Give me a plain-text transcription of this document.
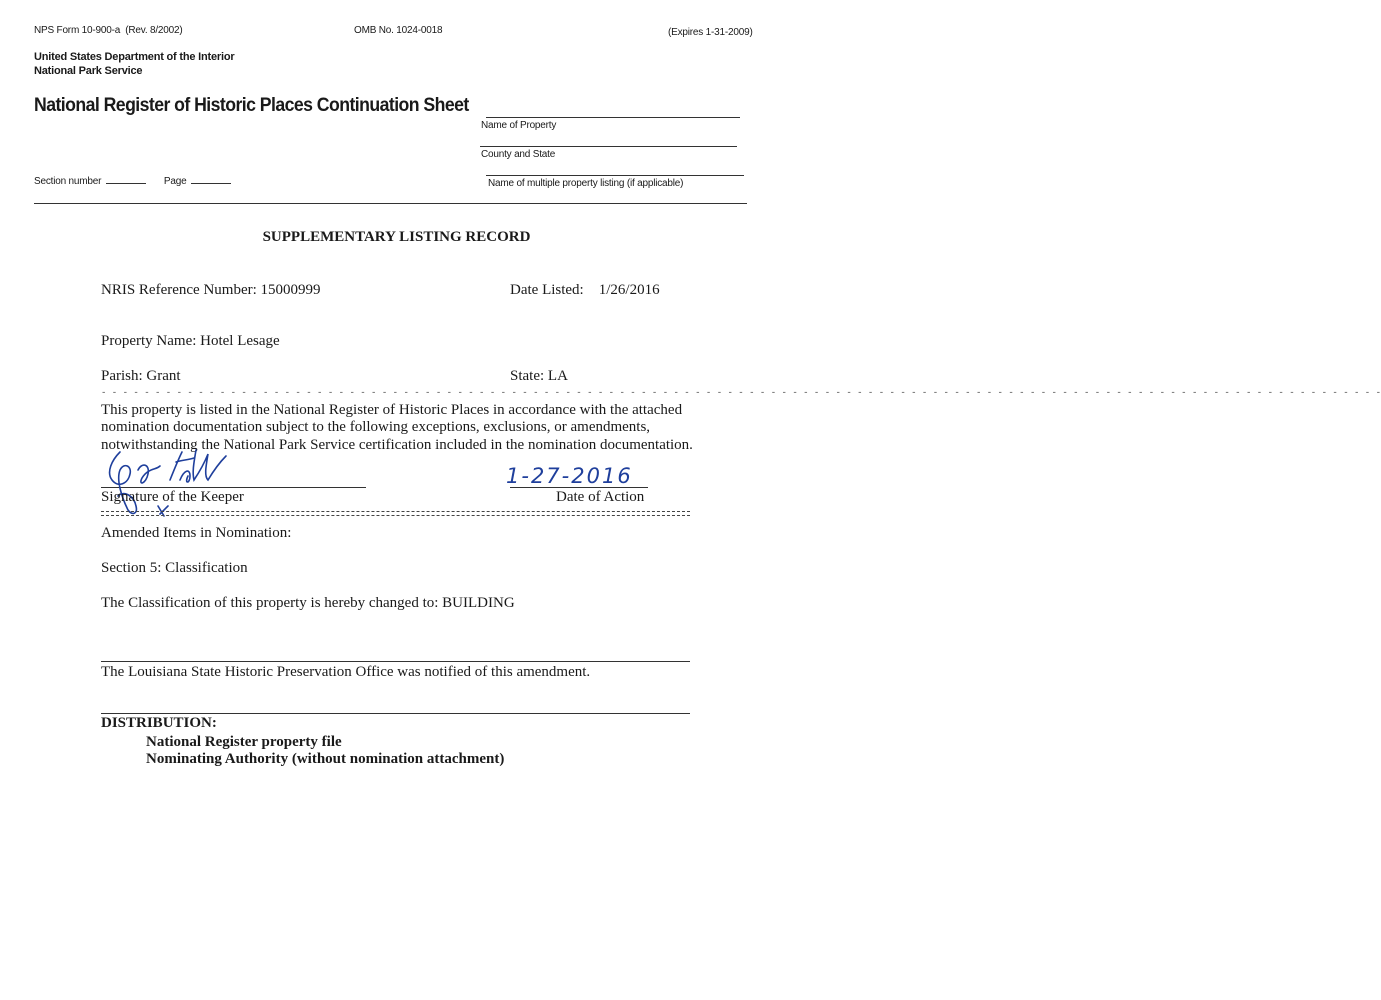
NPS Form 10-900-a (Rev. 8/2002)	OMB No. 1024-0018	(Expires 1-31-2009)
United States Department of the Interior
National Park Service
National Register of Historic Places Continuation Sheet
Name of Property
County and State
Name of multiple property listing (if applicable)
Section number	Page
SUPPLEMENTARY LISTING RECORD
NRIS Reference Number: 15000999	Date Listed: 1/26/2016
Property Name: Hotel Lesage
Parish: Grant	State: LA
- - - - - - - - - - - - - - - - - - - - - - - - - - - - - - - - - - - - - - - - - - - - - - - - - - - - - - - - - - - - - - - - - - - - - - - - - - - - - - - - - - - - - - - - - - - - - - - - - - - - - - - - - - - - - - - - - - - - - - -
This property is listed in the National Register of Historic Places in accordance with the attached
nomination documentation subject to the following exceptions, exclusions, or amendments,
notwithstanding the National Park Service certification included in the nomination documentation.
Signature of the Keeper
1-27-2016
Date of Action
Amended Items in Nomination:
Section 5: Classification
The Classification of this property is hereby changed to: BUILDING
The Louisiana State Historic Preservation Office was notified of this amendment.
DISTRIBUTION:
National Register property file
Nominating Authority (without nomination attachment)
